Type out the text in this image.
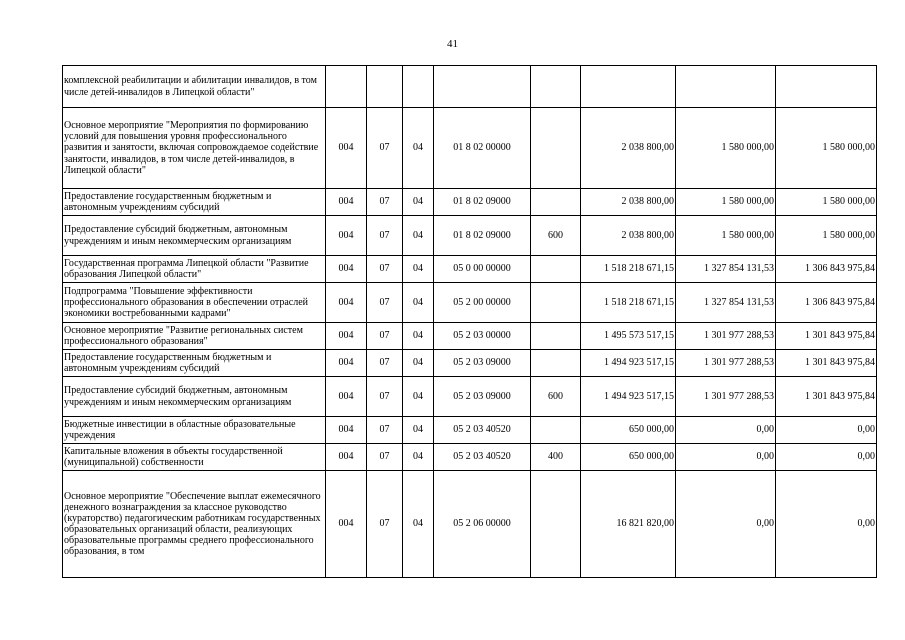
41
комплексной реабилитации и абилитации инвалидов, в том числе детей-инвалидов в Липецкой области"								
Основное мероприятие "Мероприятия по формированию условий для повышения уровня профессионального развития и занятости, включая сопровождаемое содействие занятости, инвалидов, в том числе детей-инвалидов, в Липецкой области"	004	07	04	01 8 02 00000		2 038 800,00	1 580 000,00	1 580 000,00
Предоставление государственным бюджетным и автономным учреждениям субсидий	004	07	04	01 8 02 09000		2 038 800,00	1 580 000,00	1 580 000,00
Предоставление субсидий бюджетным, автономным учреждениям и иным некоммерческим организациям	004	07	04	01 8 02 09000	600	2 038 800,00	1 580 000,00	1 580 000,00
Государственная программа Липецкой области "Развитие образования Липецкой области"	004	07	04	05 0 00 00000		1 518 218 671,15	1 327 854 131,53	1 306 843 975,84
Подпрограмма "Повышение эффективности профессионального образования в обеспечении отраслей экономики востребованными кадрами"	004	07	04	05 2 00 00000		1 518 218 671,15	1 327 854 131,53	1 306 843 975,84
Основное мероприятие "Развитие региональных систем профессионального образования"	004	07	04	05 2 03 00000		1 495 573 517,15	1 301 977 288,53	1 301 843 975,84
Предоставление государственным бюджетным и автономным учреждениям субсидий	004	07	04	05 2 03 09000		1 494 923 517,15	1 301 977 288,53	1 301 843 975,84
Предоставление субсидий бюджетным, автономным учреждениям и иным некоммерческим организациям	004	07	04	05 2 03 09000	600	1 494 923 517,15	1 301 977 288,53	1 301 843 975,84
Бюджетные инвестиции в областные образовательные учреждения	004	07	04	05 2 03 40520		650 000,00	0,00	0,00
Капитальные вложения в объекты государственной (муниципальной) собственности	004	07	04	05 2 03 40520	400	650 000,00	0,00	0,00
Основное мероприятие "Обеспечение выплат ежемесячного денежного вознаграждения за классное руководство (кураторство) педагогическим работникам государственных образовательных организаций области, реализующих образовательные программы среднего профессионального образования, в том	004	07	04	05 2 06 00000		16 821 820,00	0,00	0,00
